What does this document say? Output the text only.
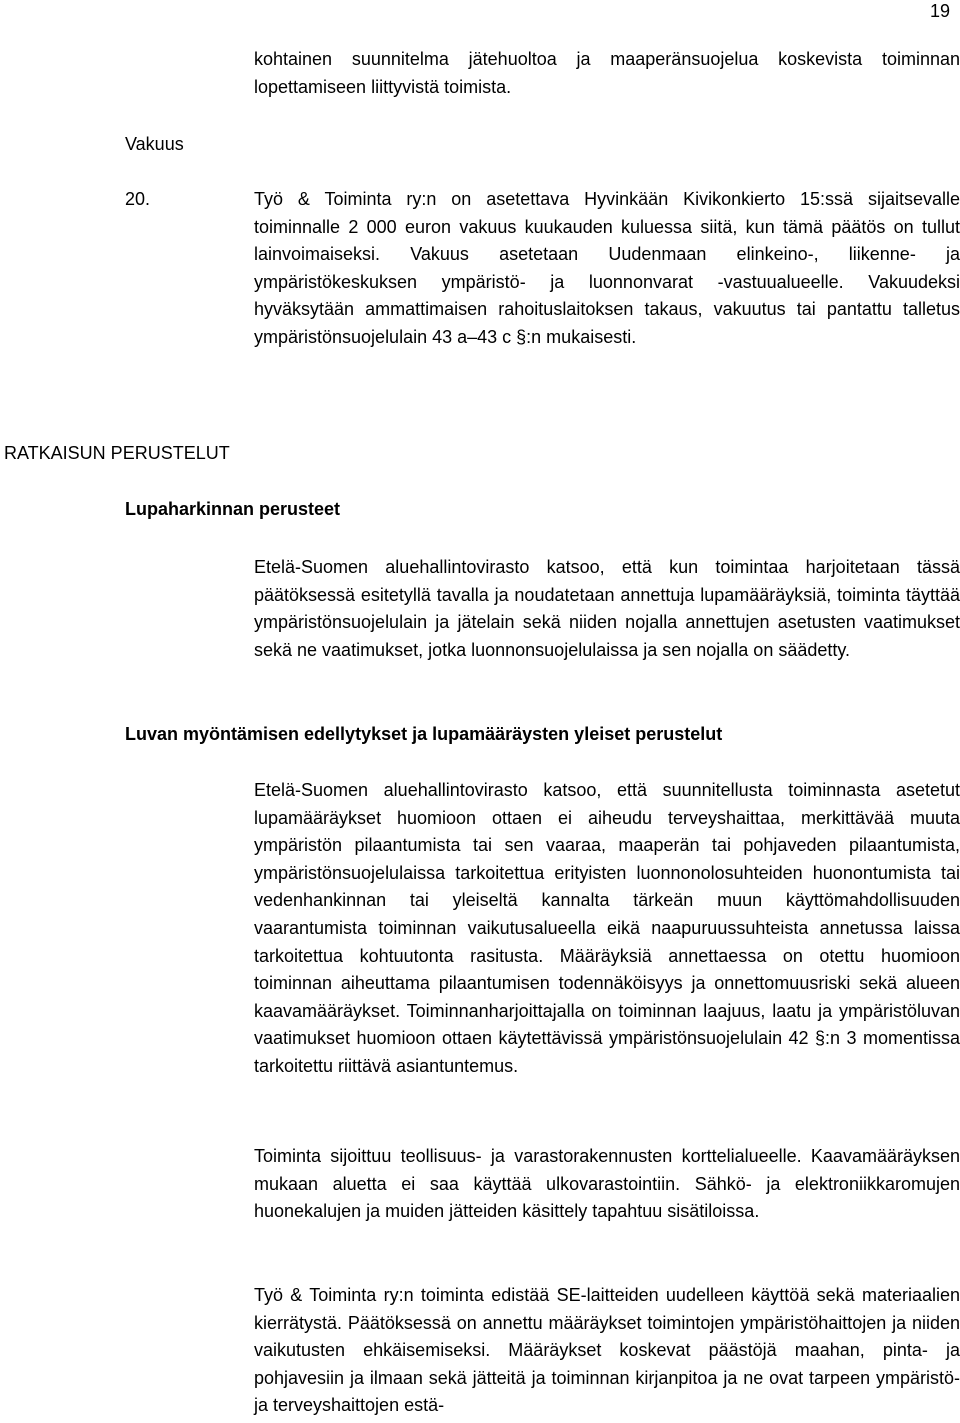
19
kohtainen suunnitelma jätehuoltoa ja maaperänsuojelua koskevista toiminnan lopettamiseen liittyvistä toimista.
Vakuus
20.	Työ & Toiminta ry:n on asetettava Hyvinkään Kivikonkierto 15:ssä sijaitsevalle toiminnalle 2 000 euron vakuus kuukauden kuluessa siitä, kun tämä päätös on tullut lainvoimaiseksi. Vakuus asetetaan Uudenmaan elinkeino-, liikenne- ja ympäristökeskuksen ympäristö- ja luonnonvarat -vastuualueelle. Vakuudeksi hyväksytään ammattimaisen rahoituslaitoksen takaus, vakuutus tai pantattu talletus ympäristönsuojelulain 43 a–43 c §:n mukaisesti.
RATKAISUN PERUSTELUT
Lupaharkinnan perusteet
Etelä-Suomen aluehallintovirasto katsoo, että kun toimintaa harjoitetaan tässä päätöksessä esitetyllä tavalla ja noudatetaan annettuja lupamääräyksiä, toiminta täyttää ympäristönsuojelulain ja jätelain sekä niiden nojalla annettujen asetusten vaatimukset sekä ne vaatimukset, jotka luonnonsuojelulaissa ja sen nojalla on säädetty.
Luvan myöntämisen edellytykset ja lupamääräysten yleiset perustelut
Etelä-Suomen aluehallintovirasto katsoo, että suunnitellusta toiminnasta asetetut lupamääräykset huomioon ottaen ei aiheudu terveyshaittaa, merkittävää muuta ympäristön pilaantumista tai sen vaaraa, maaperän tai pohjaveden pilaantumista, ympäristönsuojelulaissa tarkoitettua erityisten luonnonolosuhteiden huonontumista tai vedenhankinnan tai yleiseltä kannalta tärkeän muun käyttömahdollisuuden vaarantumista toiminnan vaikutusalueella eikä naapuruussuhteista annetussa laissa tarkoitettua kohtuutonta rasitusta. Määräyksiä annettaessa on otettu huomioon toiminnan aiheuttama pilaantumisen todennäköisyys ja onnettomuusriski sekä alueen kaavamääräykset. Toiminnanharjoittajalla on toiminnan laajuus, laatu ja ympäristöluvan vaatimukset huomioon ottaen käytettävissä ympäristönsuojelulain 42 §:n 3 momentissa tarkoitettu riittävä asiantuntemus.
Toiminta sijoittuu teollisuus- ja varastorakennusten korttelialueelle. Kaavamääräyksen mukaan aluetta ei saa käyttää ulkovarastointiin. Sähkö- ja elektroniikkaromujen huonekalujen ja muiden jätteiden käsittely tapahtuu sisätiloissa.
Työ & Toiminta ry:n toiminta edistää SE-laitteiden uudelleen käyttöä sekä materiaalien kierrätystä. Päätöksessä on annettu määräykset toimintojen ympäristöhaittojen ja niiden vaikutusten ehkäisemiseksi. Määräykset koskevat päästöjä maahan, pinta- ja pohjavesiin ja ilmaan sekä jätteitä ja toiminnan kirjanpitoa ja ne ovat tarpeen ympäristö- ja terveyshaittojen estä-
